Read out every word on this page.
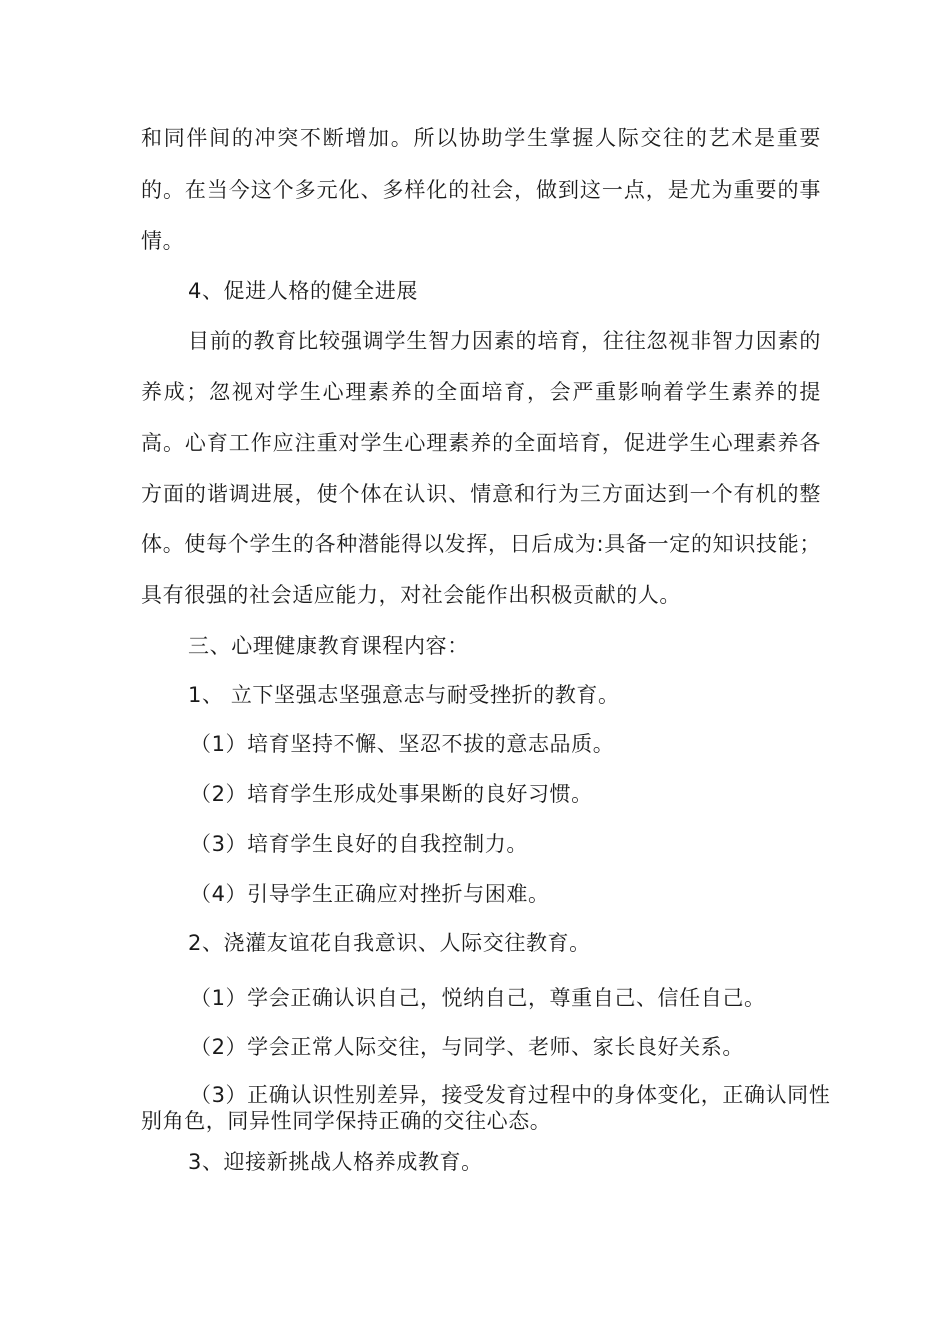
和同伴间的冲突不断增加。所以协助学生掌握人际交往的艺术是重要
的。在当今这个多元化、多样化的社会，做到这一点，是尤为重要的事
情。
4、促进人格的健全进展
目前的教育比较强调学生智力因素的培育，往往忽视非智力因素的
养成；忽视对学生心理素养的全面培育，会严重影响着学生素养的提
高。心育工作应注重对学生心理素养的全面培育，促进学生心理素养各
方面的谐调进展，使个体在认识、情意和行为三方面达到一个有机的整
体。使每个学生的各种潜能得以发挥，日后成为:具备一定的知识技能；
具有很强的社会适应能力，对社会能作出积极贡献的人。
三、心理健康教育课程内容：
1、 立下坚强志坚强意志与耐受挫折的教育。
（1）培育坚持不懈、坚忍不拔的意志品质。
（2）培育学生形成处事果断的良好习惯。
（3）培育学生良好的自我控制力。
（4）引导学生正确应对挫折与困难。
2、浇灌友谊花自我意识、人际交往教育。
（1）学会正确认识自己，悦纳自己，尊重自己、信任自己。
（2）学会正常人际交往，与同学、老师、家长良好关系。
（3）正确认识性别差异，接受发育过程中的身体变化，正确认同性
别角色，同异性同学保持正确的交往心态。
3、迎接新挑战人格养成教育。
